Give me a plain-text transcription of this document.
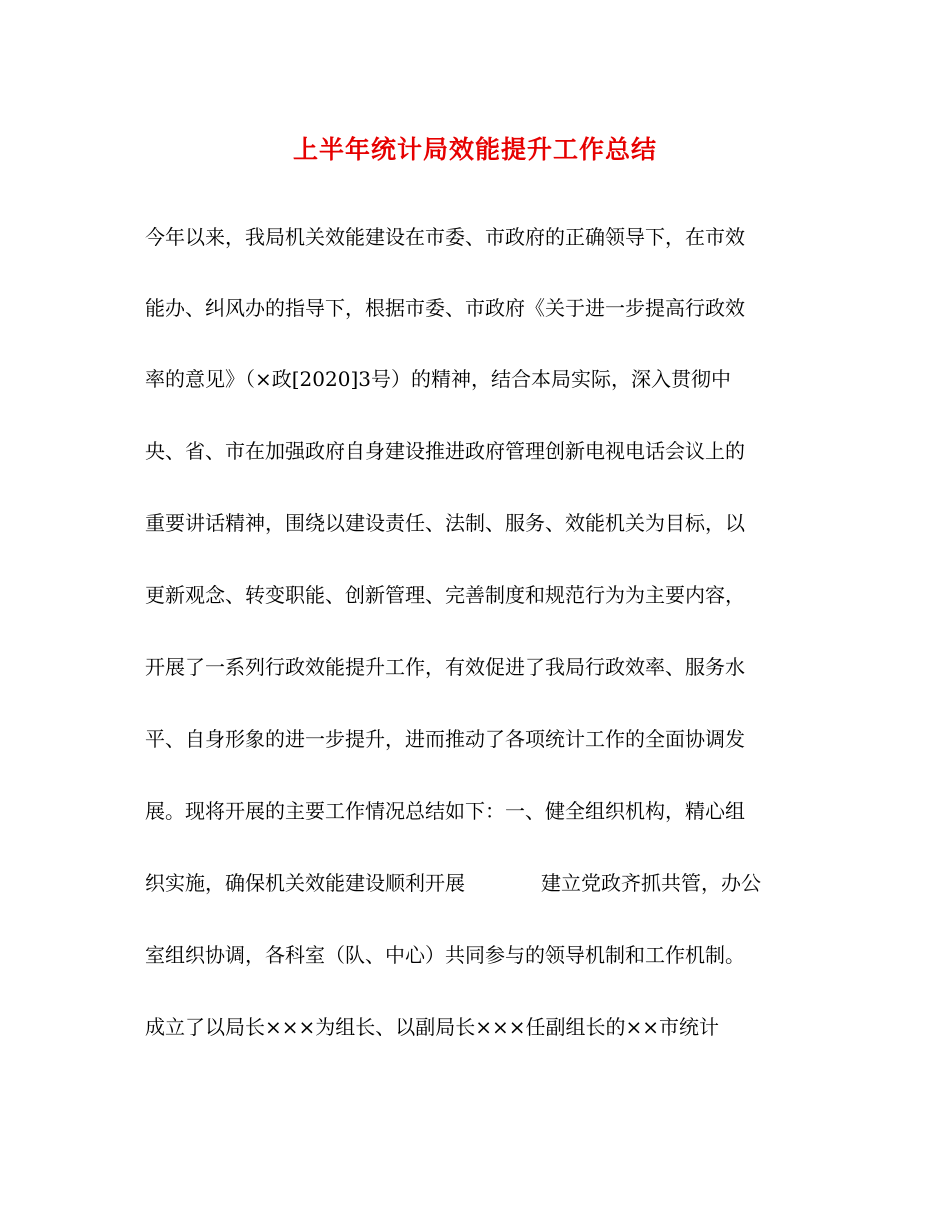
上半年统计局效能提升工作总结
今年以来，我局机关效能建设在市委、市政府的正确领导下，在市效
能办、纠风办的指导下，根据市委、市政府《关于进一步提高行政效
率的意见》（×政[2020]3号）的精神，结合本局实际，深入贯彻中
央、省、市在加强政府自身建设推进政府管理创新电视电话会议上的
重要讲话精神，围绕以建设责任、法制、服务、效能机关为目标，以
更新观念、转变职能、创新管理、完善制度和规范行为为主要内容，
开展了一系列行政效能提升工作，有效促进了我局行政效率、服务水
平、自身形象的进一步提升，进而推动了各项统计工作的全面协调发
展。现将开展的主要工作情况总结如下：一、健全组织机构，精心组
织实施，确保机关效能建设顺利开展	建立党政齐抓共管，办公
室组织协调，各科室（队、中心）共同参与的领导机制和工作机制。
成立了以局长×××为组长、以副局长×××任副组长的××市统计
